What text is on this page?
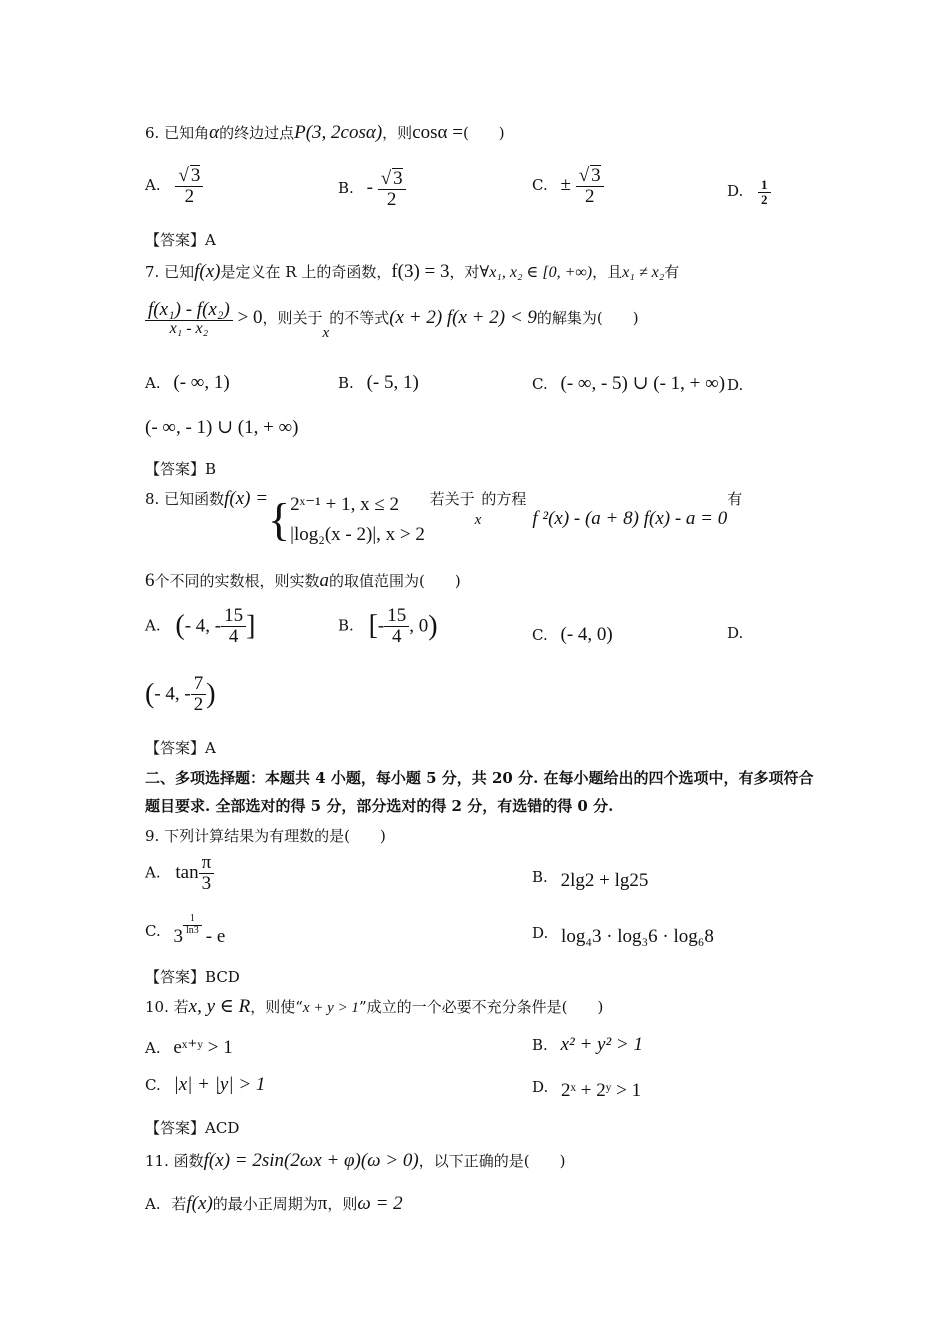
6. 已知角α的终边过点P(3, 2cosα)，则cosα =(　　)
A. $\frac{√ 3}{2}$	B. - $\frac{√ 3}{2}$	C. ± $\frac{√ 3}{2}$	D. $\frac{1}{2}$
【答案】A
7. 已知f(x)是定义在 R 上的奇函数，f(3) = 3，对∀x₁, x₂ ∈ [0, +∞)，且x₁ ≠ x₂有
$\frac{\text{f(x₁) - f(x₂)}}{\text{x₁ - x₂}} > 0$，则关于x的不等式(x + 2) f(x + 2) < 9的解集为(　　)
A. (- ∞, 1)	B. (- 5, 1)	C. (- ∞, - 5) ∪ (- 1, + ∞) D.
(- ∞, - 1) ∪ (1, + ∞)
【答案】B
8. 已知函数f(x) ={ 2ˣ⁻¹ + 1, x ≤ 2
|log₂(x - 2)|, x > 2
若关于x的方程f ²(x) - (a + 8) f(x) - a = 0有
6个不同的实数根，则实数a的取值范围为(　　)
A. (- 4, - $\frac{15}{4}$ ]	B. [- $\frac{15}{4}$ , 0)	C. (- 4, 0)	D.
(- 4, - $\frac{7}{2}$ )
【答案】A
二、多项选择题：本题共 4 小题，每小题 5 分，共 20 分. 在每小题给出的四个选项中，有多项符合题目要求. 全部选对的得 5 分，部分选对的得 2 分，有选错的得 0 分.
9. 下列计算结果为有理数的是(　　)
A. $\tan \frac{\pi}{3}$	B. 2lg2 + lg25
C. 3
$\frac{1}{\ln 3}$
- e	D. log₄3 · log₃6 · log₆8
【答案】BCD
10. 若x, y ∈ R，则使“x + y > 1”成立的一个必要不充分条件是(　　)
A. eˣ⁺ʸ > 1	B. x² + y² > 1
C. |x| + |y| > 1	D. 2ˣ + 2ʸ > 1
【答案】ACD
11. 函数f(x) = 2sin(2ωx + φ)(ω > 0)，以下正确的是(　　)
A. 若f(x)的最小正周期为π，则ω = 2
